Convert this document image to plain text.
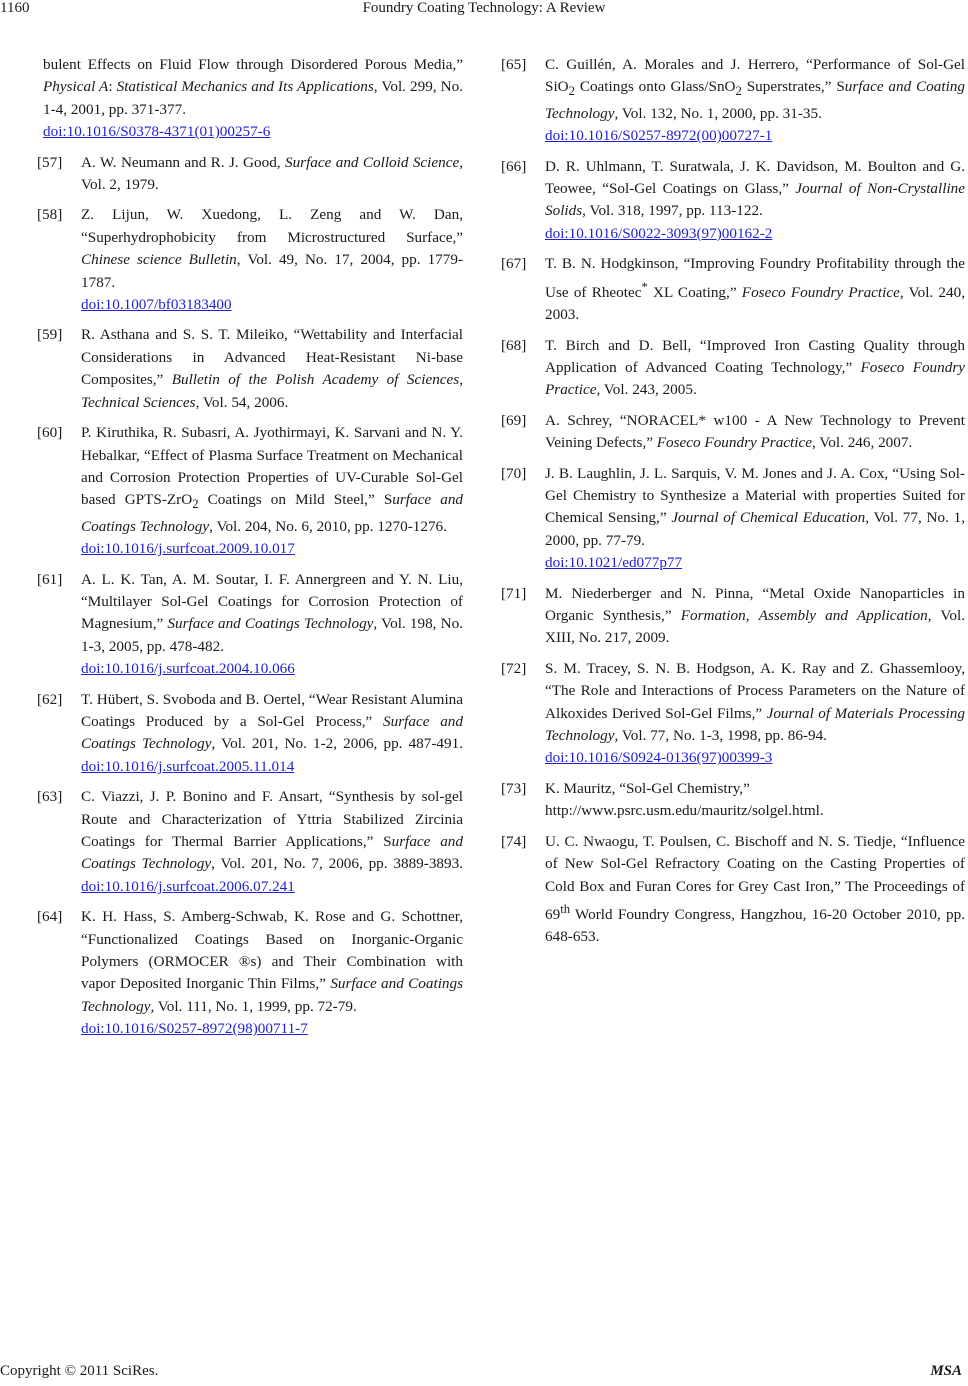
1160	Foundry Coating Technology: A Review
bulent Effects on Fluid Flow through Disordered Porous Media,” Physical A: Statistical Mechanics and Its Applications, Vol. 299, No. 1-4, 2001, pp. 371-377.
doi:10.1016/S0378-4371(01)00257-6
[57] A. W. Neumann and R. J. Good, Surface and Colloid Science, Vol. 2, 1979.
[58] Z. Lijun, W. Xuedong, L. Zeng and W. Dan, “Superhydrophobicity from Microstructured Surface,” Chinese science Bulletin, Vol. 49, No. 17, 2004, pp. 1779-1787.
doi:10.1007/bf03183400
[59] R. Asthana and S. S. T. Mileiko, “Wettability and Interfacial Considerations in Advanced Heat-Resistant Ni-base Composites,” Bulletin of the Polish Academy of Sciences, Technical Sciences, Vol. 54, 2006.
[60] P. Kiruthika, R. Subasri, A. Jyothirmayi, K. Sarvani and N. Y. Hebalkar, “Effect of Plasma Surface Treatment on Mechanical and Corrosion Protection Properties of UV-Curable Sol-Gel based GPTS-ZrO$_2$ Coatings on Mild Steel,” Surface and Coatings Technology, Vol. 204, No. 6, 2010, pp. 1270-1276.
doi:10.1016/j.surfcoat.2009.10.017
[61] A. L. K. Tan, A. M. Soutar, I. F. Annergreen and Y. N. Liu, “Multilayer Sol-Gel Coatings for Corrosion Protection of Magnesium,” Surface and Coatings Technology, Vol. 198, No. 1-3, 2005, pp. 478-482.
doi:10.1016/j.surfcoat.2004.10.066
[62] T. Hübert, S. Svoboda and B. Oertel, “Wear Resistant Alumina Coatings Produced by a Sol-Gel Process,” Surface and Coatings Technology, Vol. 201, No. 1-2, 2006, pp. 487-491. doi:10.1016/j.surfcoat.2005.11.014
[63] C. Viazzi, J. P. Bonino and F. Ansart, “Synthesis by sol-gel Route and Characterization of Yttria Stabilized Zircinia Coatings for Thermal Barrier Applications,” Surface and Coatings Technology, Vol. 201, No. 7, 2006, pp. 3889-3893. doi:10.1016/j.surfcoat.2006.07.241
[64] K. H. Hass, S. Amberg-Schwab, K. Rose and G. Schottner, “Functionalized Coatings Based on Inorganic-Organic Polymers (ORMOCER ®s) and Their Combination with vapor Deposited Inorganic Thin Films,” Surface and Coatings Technology, Vol. 111, No. 1, 1999, pp. 72-79.
doi:10.1016/S0257-8972(98)00711-7
[65] C. Guillén, A. Morales and J. Herrero, “Performance of Sol-Gel SiO$_2$ Coatings onto Glass/SnO$_2$ Superstrates,” Surface and Coating Technology, Vol. 132, No. 1, 2000, pp. 31-35.
doi:10.1016/S0257-8972(00)00727-1
[66] D. R. Uhlmann, T. Suratwala, J. K. Davidson, M. Boulton and G. Teowee, “Sol-Gel Coatings on Glass,” Journal of Non-Crystalline Solids, Vol. 318, 1997, pp. 113-122.
doi:10.1016/S0022-3093(97)00162-2
[67] T. B. N. Hodgkinson, “Improving Foundry Profitability through the Use of Rheotec* XL Coating,” Foseco Foundry Practice, Vol. 240, 2003.
[68] T. Birch and D. Bell, “Improved Iron Casting Quality through Application of Advanced Coating Technology,” Foseco Foundry Practice, Vol. 243, 2005.
[69] A. Schrey, “NORACEL* w100 - A New Technology to Prevent Veining Defects,” Foseco Foundry Practice, Vol. 246, 2007.
[70] J. B. Laughlin, J. L. Sarquis, V. M. Jones and J. A. Cox, “Using Sol-Gel Chemistry to Synthesize a Material with properties Suited for Chemical Sensing,” Journal of Chemical Education, Vol. 77, No. 1, 2000, pp. 77-79.
doi:10.1021/ed077p77
[71] M. Niederberger and N. Pinna, “Metal Oxide Nanoparticles in Organic Synthesis,” Formation, Assembly and Application, Vol. XIII, No. 217, 2009.
[72] S. M. Tracey, S. N. B. Hodgson, A. K. Ray and Z. Ghassemlooy, “The Role and Interactions of Process Parameters on the Nature of Alkoxides Derived Sol-Gel Films,” Journal of Materials Processing Technology, Vol. 77, No. 1-3, 1998, pp. 86-94.
doi:10.1016/S0924-0136(97)00399-3
[73] K. Mauritz, “Sol-Gel Chemistry,”
http://www.psrc.usm.edu/mauritz/solgel.html.
[74] U. C. Nwaogu, T. Poulsen, C. Bischoff and N. S. Tiedje, “Influence of New Sol-Gel Refractory Coating on the Casting Properties of Cold Box and Furan Cores for Grey Cast Iron,” The Proceedings of 69th World Foundry Congress, Hangzhou, 16-20 October 2010, pp. 648-653.
Copyright © 2011 SciRes.	MSA
